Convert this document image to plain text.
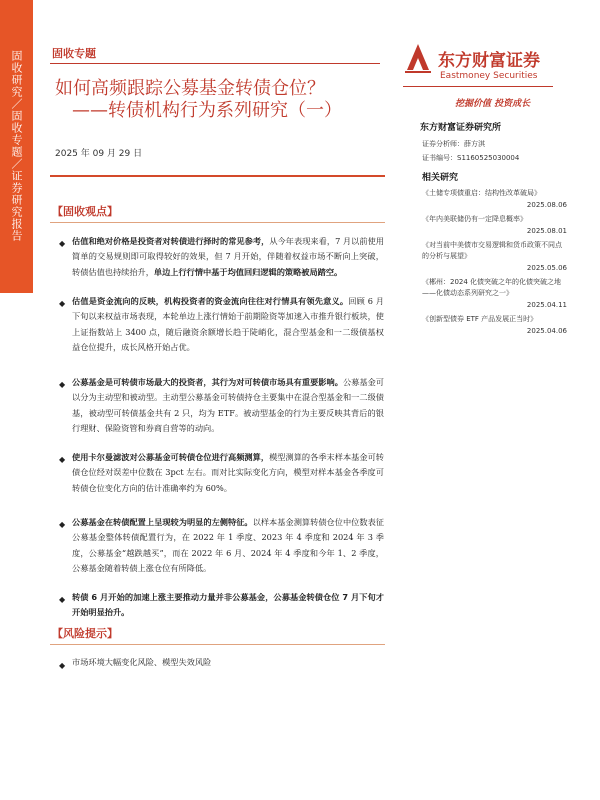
固收研究／固收专题／证券研究报告	固收专题
如何高频跟踪公募基金转债仓位？
——转债机构行为系列研究（一）
2025 年 09 月 29 日
东方财富证券
Eastmoney Securities
挖掘价值 投资成长
东方财富证券研究所
证券分析师：薛方淇
证书编号：S1160525030004
相关研究
《土储专项债重启：结构性改革破局》
2025.08.06
《年内美联储仍有一定降息概率》
2025.08.01
《对当前中美债市交易逻辑和货币政策不同点的分析与展望》
2025.05.06
《郴州：2024 化债突破之年的化债突破之地——化债动态系列研究之一》
2025.04.11
《创新型债券 ETF 产品发展正当时》
2025.04.06
【固收观点】
◆ 估值和绝对价格是投资者对转债进行择时的常见参考，从今年表现来看，7 月以前使用简单的交易规则即可取得较好的效果，但 7 月开始，伴随着权益市场不断向上突破，转债估值也持续抬升，单边上行行情中基于均值回归逻辑的策略被局踏空。
◆ 估值是资金流向的反映，机构投资者的资金流向往往对行情具有领先意义。回顾 6 月下旬以来权益市场表现，本轮单边上涨行情始于前期险资等加速入市推升银行板块，使上证指数站上 3400 点，随后融资余额增长趋于陡峭化，混合型基金和一二级债基权益仓位提升，成长风格开始占优。
◆ 公募基金是可转债市场最大的投资者，其行为对可转债市场具有重要影响。公募基金可以分为主动型和被动型。主动型公募基金可转债持仓主要集中在混合型基金和一二级债基，被动型可转债基金共有 2 只，均为 ETF。被动型基金的行为主要反映其背后的银行理财、保险资管和券商自营等的动向。
◆ 使用卡尔曼滤波对公募基金可转债仓位进行高频测算，模型测算的各季末样本基金可转债仓位经对误差中位数在 3pct 左右。而对比实际变化方向，模型对样本基金各季度可转债仓位变化方向的估计准确率约为 60%。
◆ 公募基金在转债配置上呈现较为明显的左侧特征。以样本基金测算转债仓位中位数表征公募基金整体转债配置行为，在 2022 年 1 季度、2023 年 4 季度和 2024 年 3 季度，公募基金“越跌越买”，而在 2022 年 6 月、2024 年 4 季度和今年 1、2 季度， 公募基金随着转债上涨仓位有所降低。
◆ 转债 6 月开始的加速上涨主要推动力量并非公募基金，公募基金转债仓位 7 月下旬才开始明显抬升。
【风险提示】
◆ 市场环境大幅变化风险、模型失效风险
